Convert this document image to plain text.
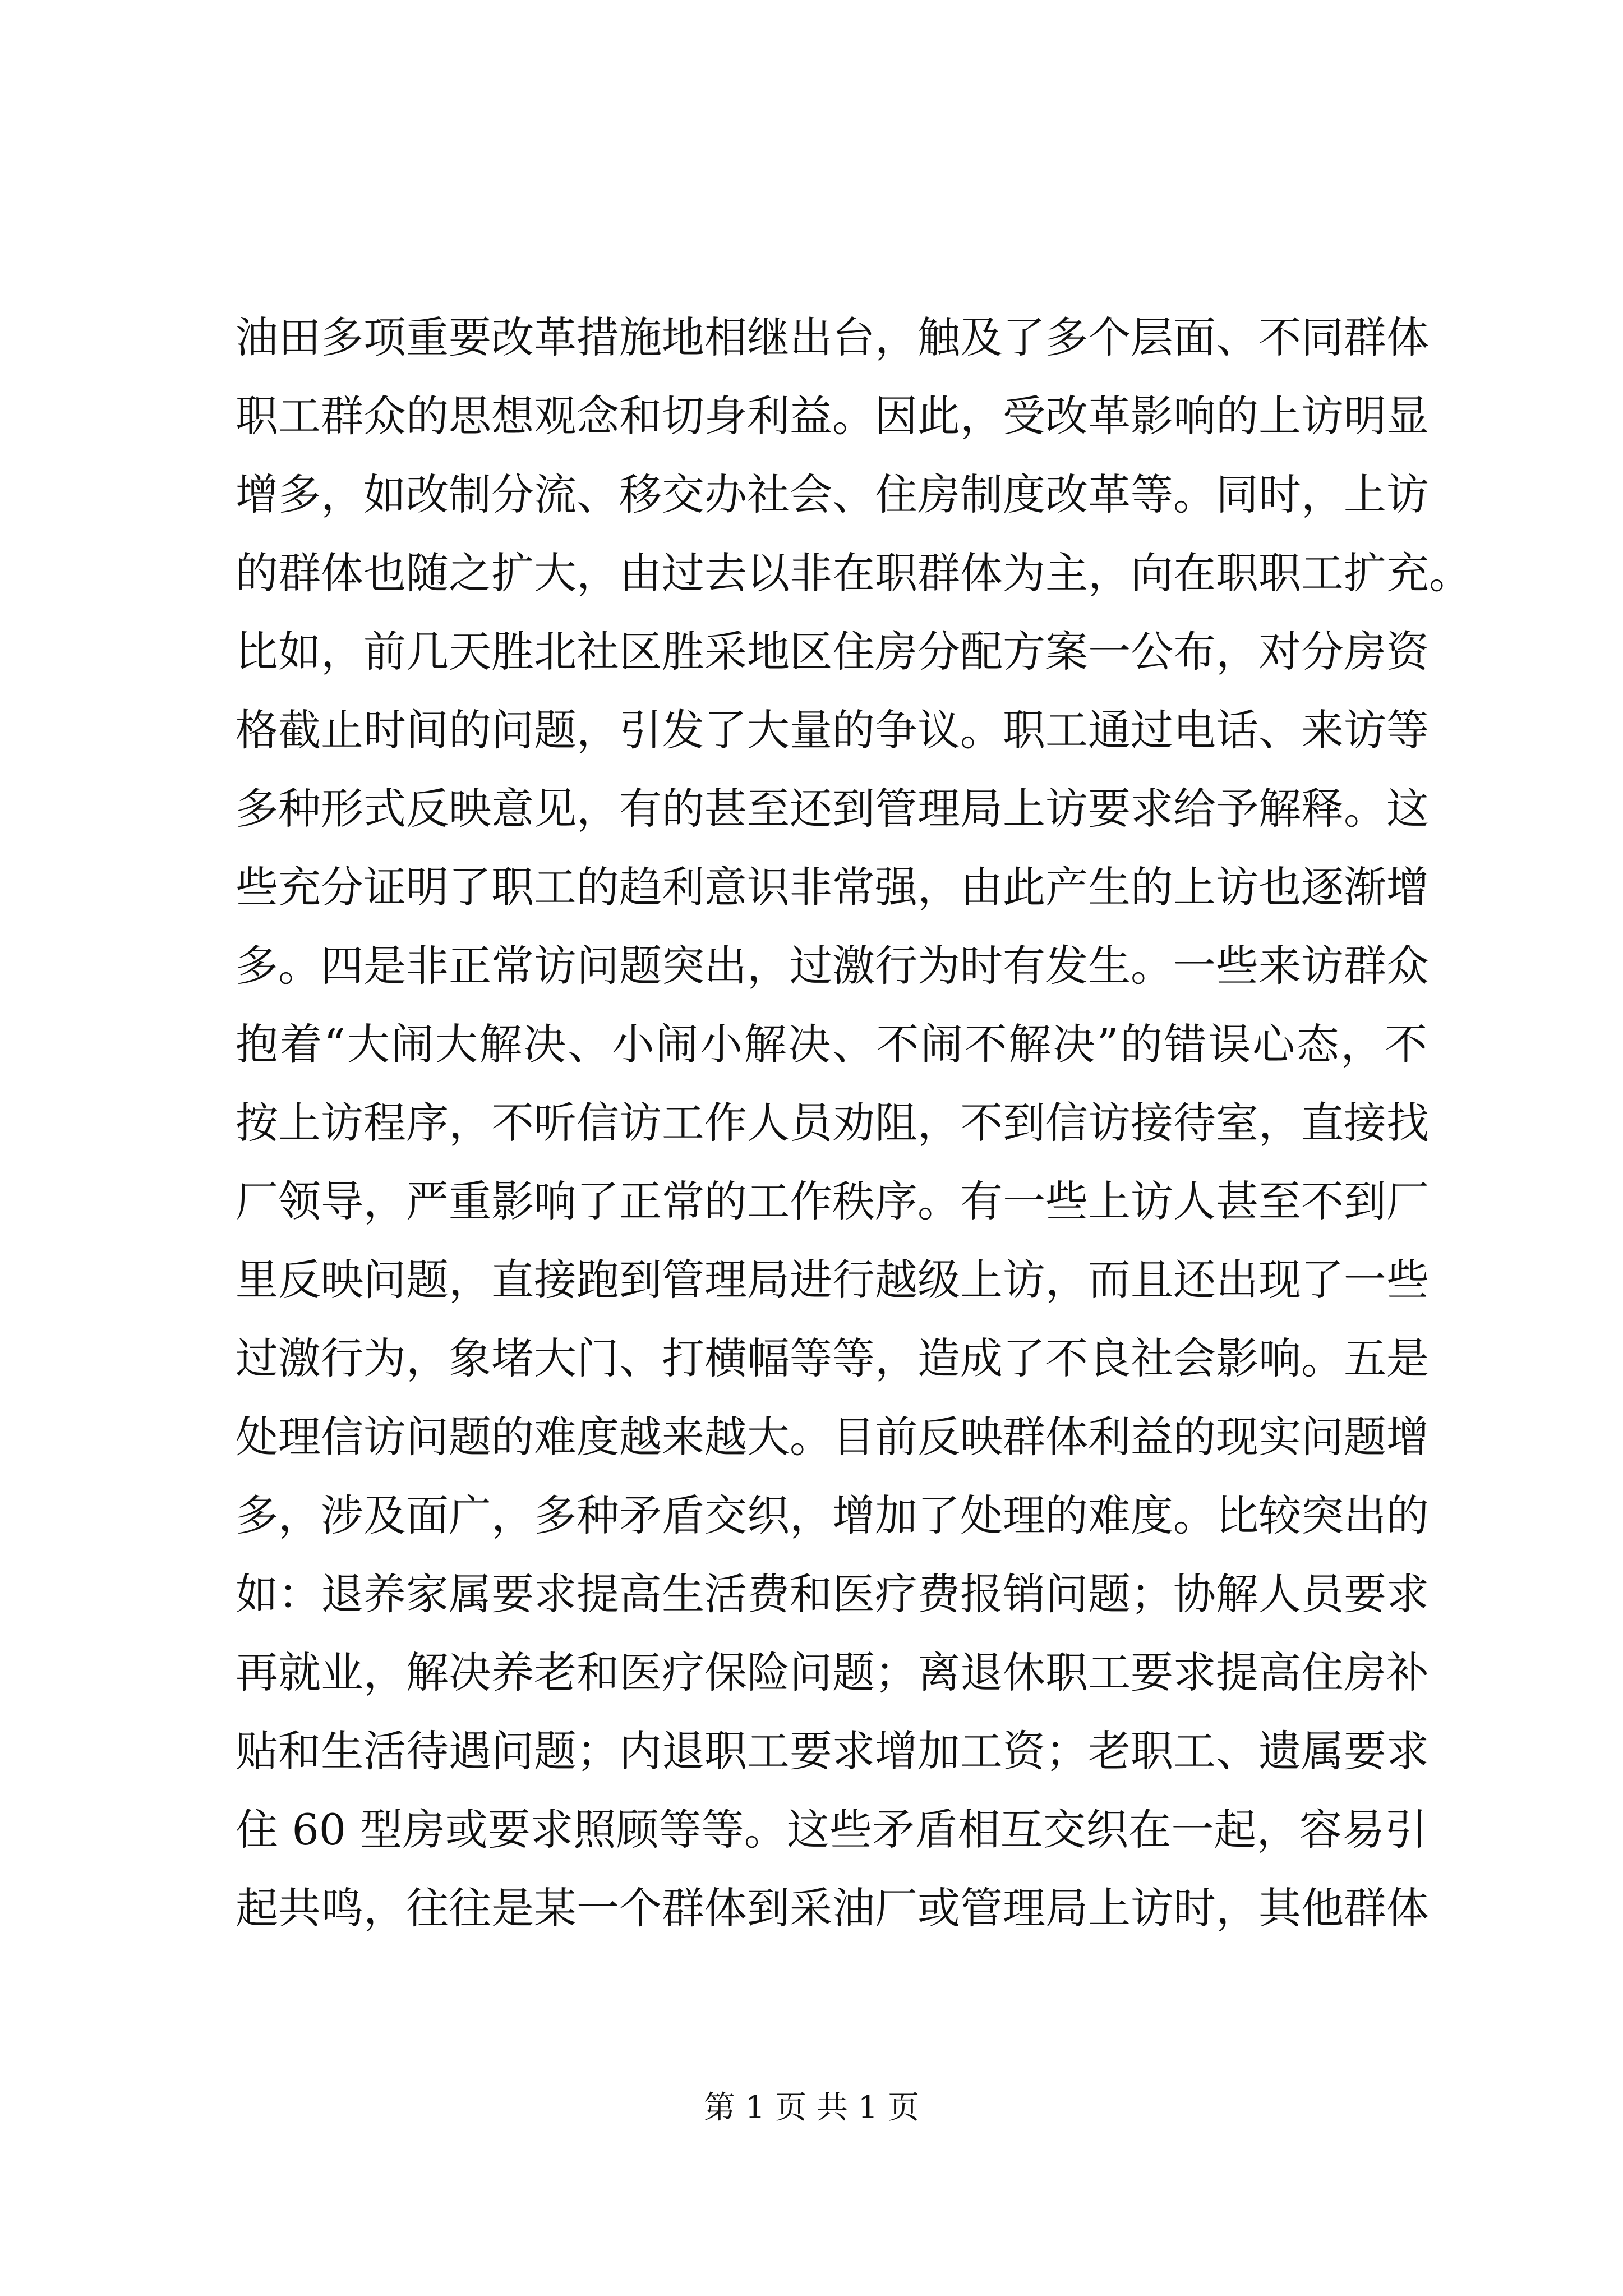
油田多项重要改革措施地相继出台，触及了多个层面、不同群体
职工群众的思想观念和切身利益。因此，受改革影响的上访明显
增多，如改制分流、移交办社会、住房制度改革等。同时，上访
的群体也随之扩大，由过去以非在职群体为主，向在职职工扩充。
比如，前几天胜北社区胜采地区住房分配方案一公布，对分房资
格截止时间的问题，引发了大量的争议。职工通过电话、来访等
多种形式反映意见，有的甚至还到管理局上访要求给予解释。这
些充分证明了职工的趋利意识非常强，由此产生的上访也逐渐增
多。四是非正常访问题突出，过激行为时有发生。一些来访群众
抱着“大闹大解决、小闹小解决、不闹不解决”的错误心态，不
按上访程序，不听信访工作人员劝阻，不到信访接待室，直接找
厂领导，严重影响了正常的工作秩序。有一些上访人甚至不到厂
里反映问题，直接跑到管理局进行越级上访，而且还出现了一些
过激行为，象堵大门、打横幅等等，造成了不良社会影响。五是
处理信访问题的难度越来越大。目前反映群体利益的现实问题增
多，涉及面广，多种矛盾交织，增加了处理的难度。比较突出的
如：退养家属要求提高生活费和医疗费报销问题；协解人员要求
再就业，解决养老和医疗保险问题；离退休职工要求提高住房补
贴和生活待遇问题；内退职工要求增加工资；老职工、遗属要求
住 60 型房或要求照顾等等。这些矛盾相互交织在一起，容易引
起共鸣，往往是某一个群体到采油厂或管理局上访时，其他群体
第 1 页 共 1 页
